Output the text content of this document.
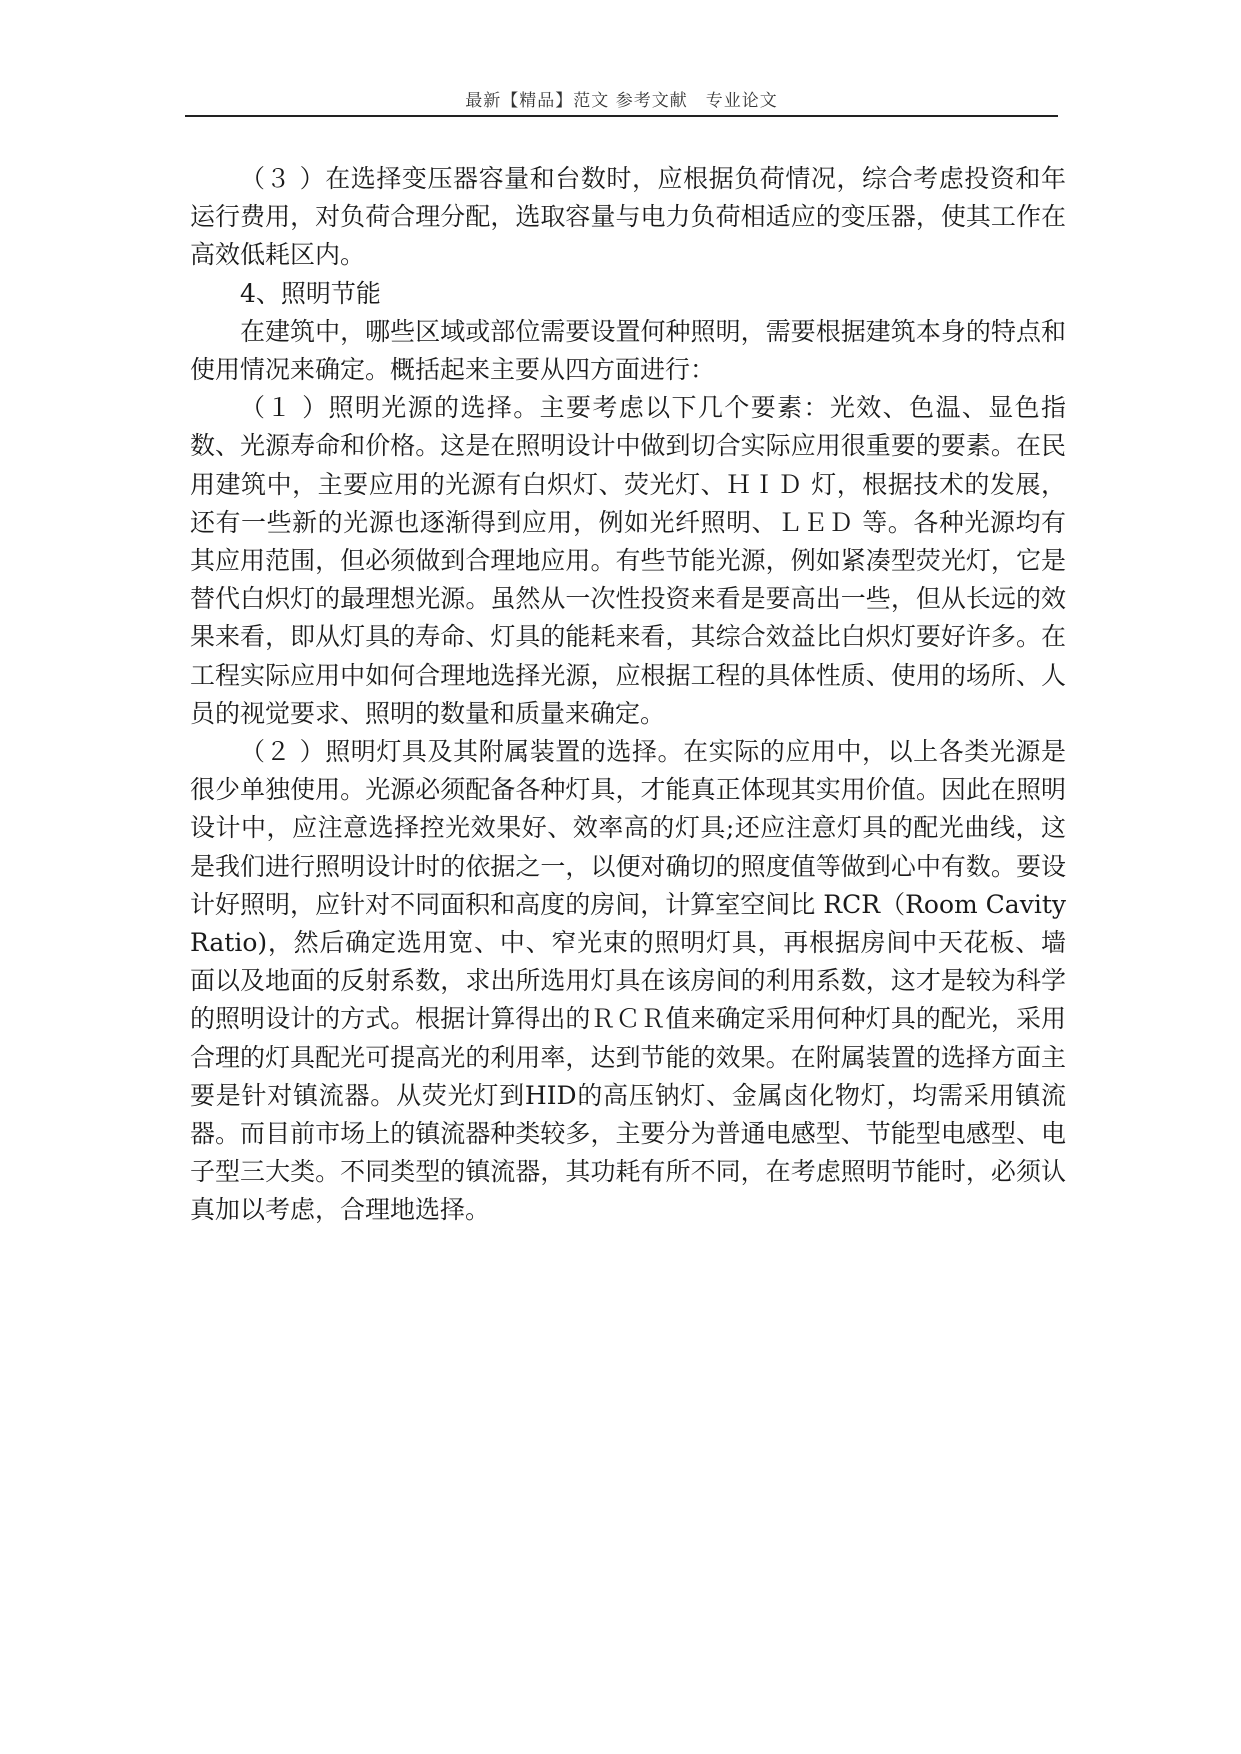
最新【精品】范文 参考文献　专业论文

（３ ）在选择变压器容量和台数时，应根据负荷情况，综合考虑投资和年运行费用，对负荷合理分配，选取容量与电力负荷相适应的变压器，使其工作在高效低耗区内。

4、照明节能

在建筑中，哪些区域或部位需要设置何种照明，需要根据建筑本身的特点和使用情况来确定。概括起来主要从四方面进行：

（１ ）照明光源的选择。主要考虑以下几个要素：光效、色温、显色指数、光源寿命和价格。这是在照明设计中做到切合实际应用很重要的要素。在民用建筑中，主要应用的光源有白炽灯、荧光灯、ＨＩＤ 灯，根据技术的发展，还有一些新的光源也逐渐得到应用，例如光纤照明、ＬＥＤ 等。各种光源均有其应用范围，但必须做到合理地应用。有些节能光源，例如紧凑型荧光灯，它是替代白炽灯的最理想光源。虽然从一次性投资来看是要高出一些，但从长远的效果来看，即从灯具的寿命、灯具的能耗来看，其综合效益比白炽灯要好许多。在工程实际应用中如何合理地选择光源，应根据工程的具体性质、使用的场所、人员的视觉要求、照明的数量和质量来确定。

（２ ）照明灯具及其附属装置的选择。在实际的应用中，以上各类光源是很少单独使用。光源必须配备各种灯具，才能真正体现其实用价值。因此在照明设计中，应注意选择控光效果好、效率高的灯具;还应注意灯具的配光曲线，这是我们进行照明设计时的依据之一，以便对确切的照度值等做到心中有数。要设计好照明，应针对不同面积和高度的房间，计算室空间比 RCR（Room Cavity Ratio)，然后确定选用宽、中、窄光束的照明灯具，再根据房间中天花板、墙面以及地面的反射系数，求出所选用灯具在该房间的利用系数，这才是较为科学的照明设计的方式。根据计算得出的ＲＣＲ值来确定采用何种灯具的配光，采用合理的灯具配光可提高光的利用率，达到节能的效果。在附属装置的选择方面主要是针对镇流器。从荧光灯到HID的高压钠灯、金属卤化物灯，均需采用镇流器。而目前市场上的镇流器种类较多，主要分为普通电感型、节能型电感型、电子型三大类。不同类型的镇流器，其功耗有所不同，在考虑照明节能时，必须认真加以考虑，合理地选择。
